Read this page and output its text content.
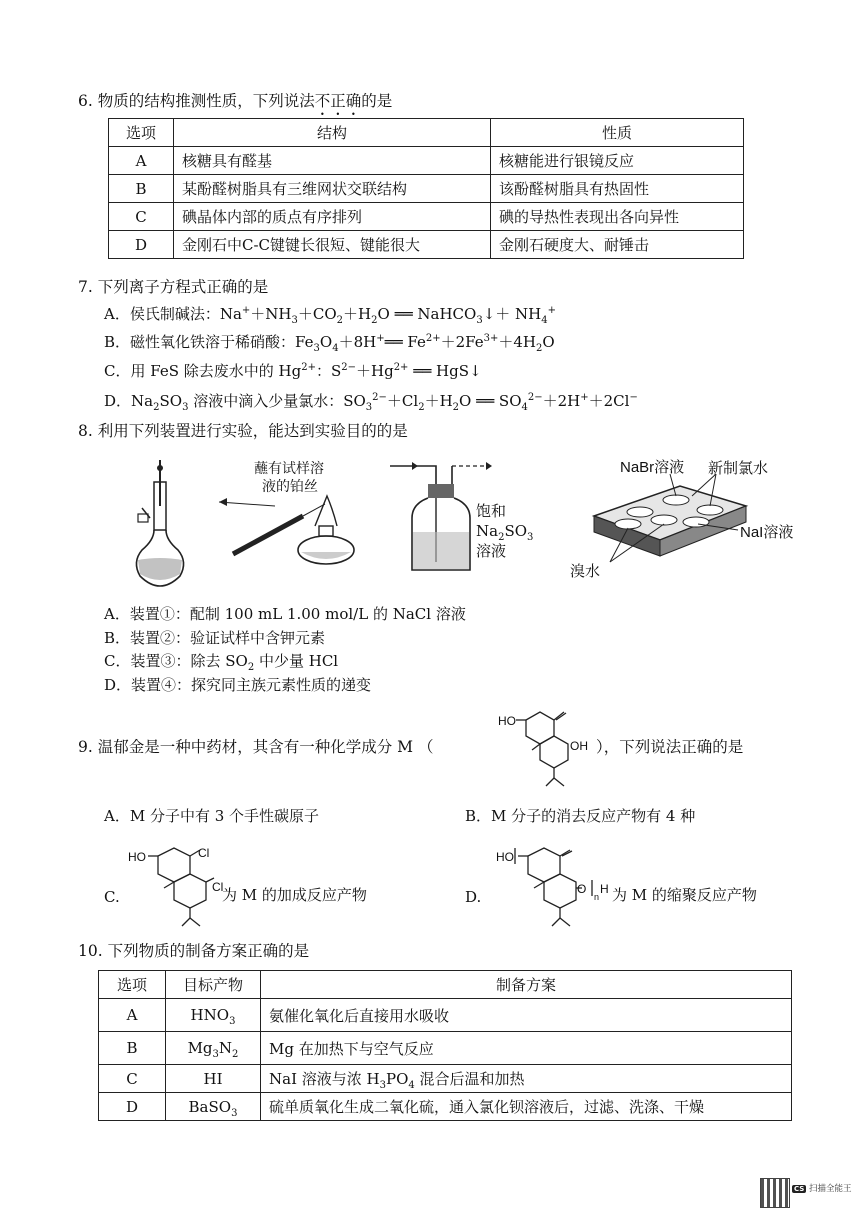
6. 物质的结构推测性质，下列说法不正确的是
选项	结构	性质
A	核糖具有醛基	核糖能进行银镜反应
B	某酚醛树脂具有三维网状交联结构	该酚醛树脂具有热固性
C	碘晶体内部的质点有序排列	碘的导热性表现出各向异性
D	金刚石中C-C键键长很短、键能很大	金刚石硬度大、耐锤击
7. 下列离子方程式正确的是
A．侯氏制碱法：$Na^++NH_3+CO_2+H_2O$ ══ NaHCO$_3$↓＋ $NH_4^+$
B．磁性氧化铁溶于稀硝酸：$Fe_3O_4+8H^+══$ $Fe^{2+}+2Fe^{3+}+4H_2O$
C．用 FeS 除去废水中的 $Hg^{2+}$：$S^{2-}+Hg^{2+}$ ══ HgS↓
D．$Na_2SO_3$ 溶液中滴入少量氯水：$SO_3^{2-}+Cl_2+H_2O$ ══ $SO_4^{2-}+2H^++2Cl^-$
8. 利用下列装置进行实验，能达到实验目的的是
蘸有试样溶
液的铂丝
饱和
$Na_2SO_3$
溶液
NaBr溶液 新制氯水
NaI溶液
溴水
A．装置①：配制 100 mL 1.00 mol/L 的 NaCl 溶液
B．装置②：验证试样中含钾元素
C．装置③：除去 $SO_2$ 中少量 HCl
D．装置④：探究同主族元素性质的递变
9. 温郁金是一种中药材，其含有一种化学成分 M （	），下列说法正确的是
HO
OH
A．M 分子中有 3 个手性碳原子	B．M 分子的消去反应产物有 4 种
C.
HO	Cl
Cl
为 M 的加成反应产物	D.
HO
O
n
H 为 M 的缩聚反应产物
10. 下列物质的制备方案正确的是
选项	目标产物	制备方案
A	$HNO_3$	氨催化氧化后直接用水吸收
B	$Mg_3N_2$	Mg 在加热下与空气反应
C	HI	NaI 溶液与浓 $H_3PO_4$ 混合后温和加热
D	BaSO$_3$	硫单质氧化生成二氧化硫，通入氯化钡溶液后，过滤、洗涤、干燥
CS 扫描全能王
